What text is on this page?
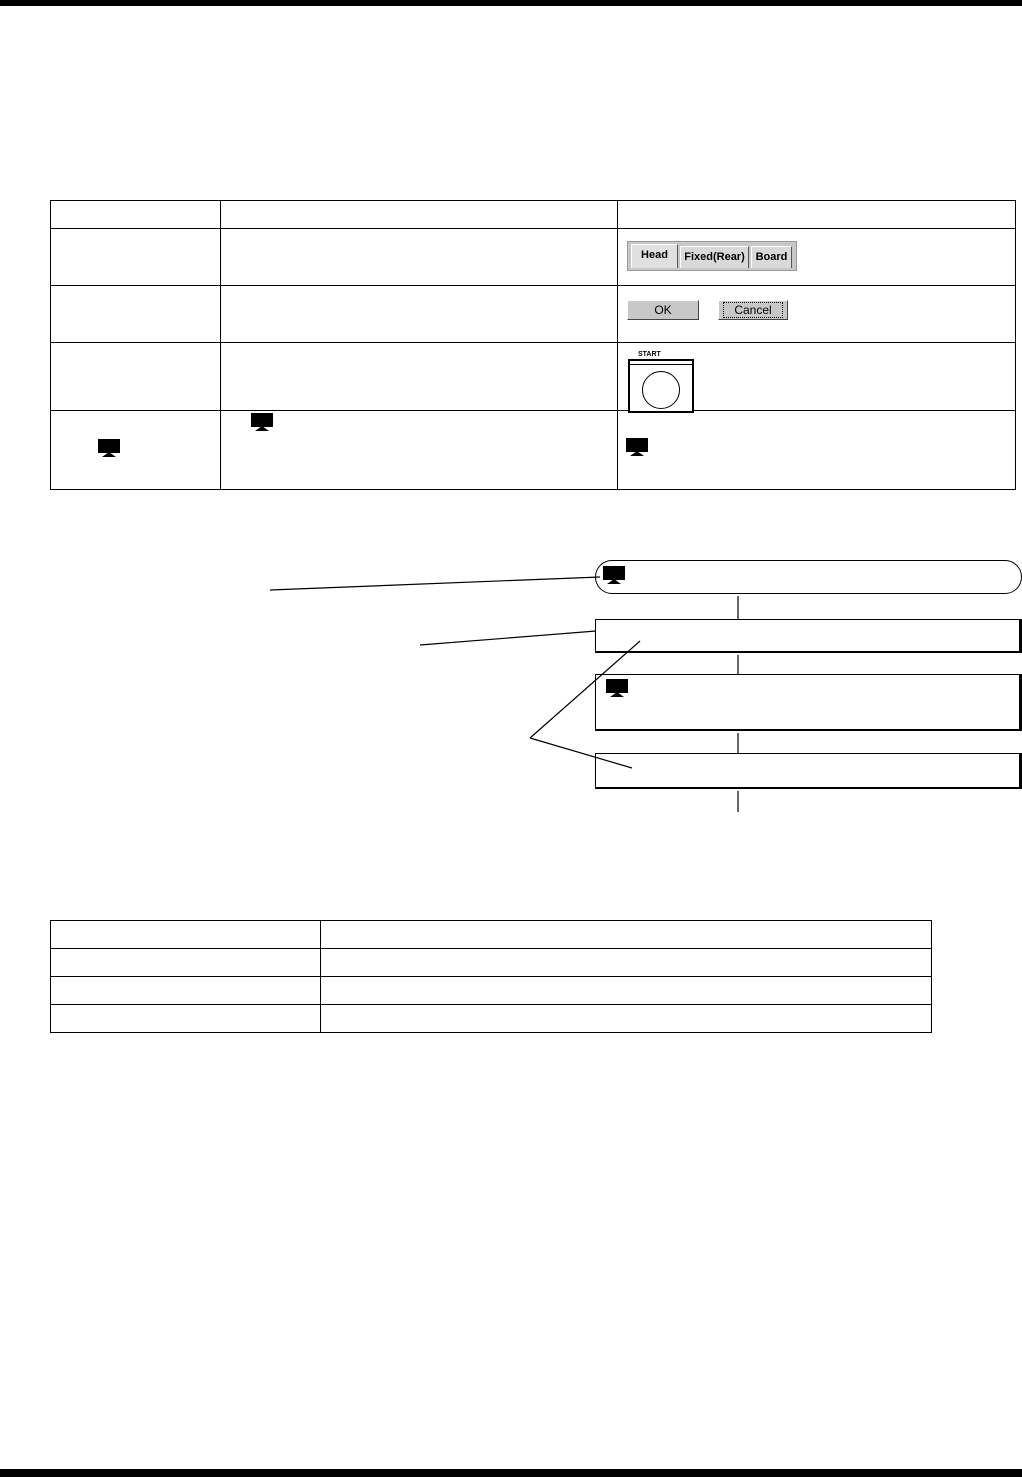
		Head Fixed(Rear) Board

		OK Cancel

		START
